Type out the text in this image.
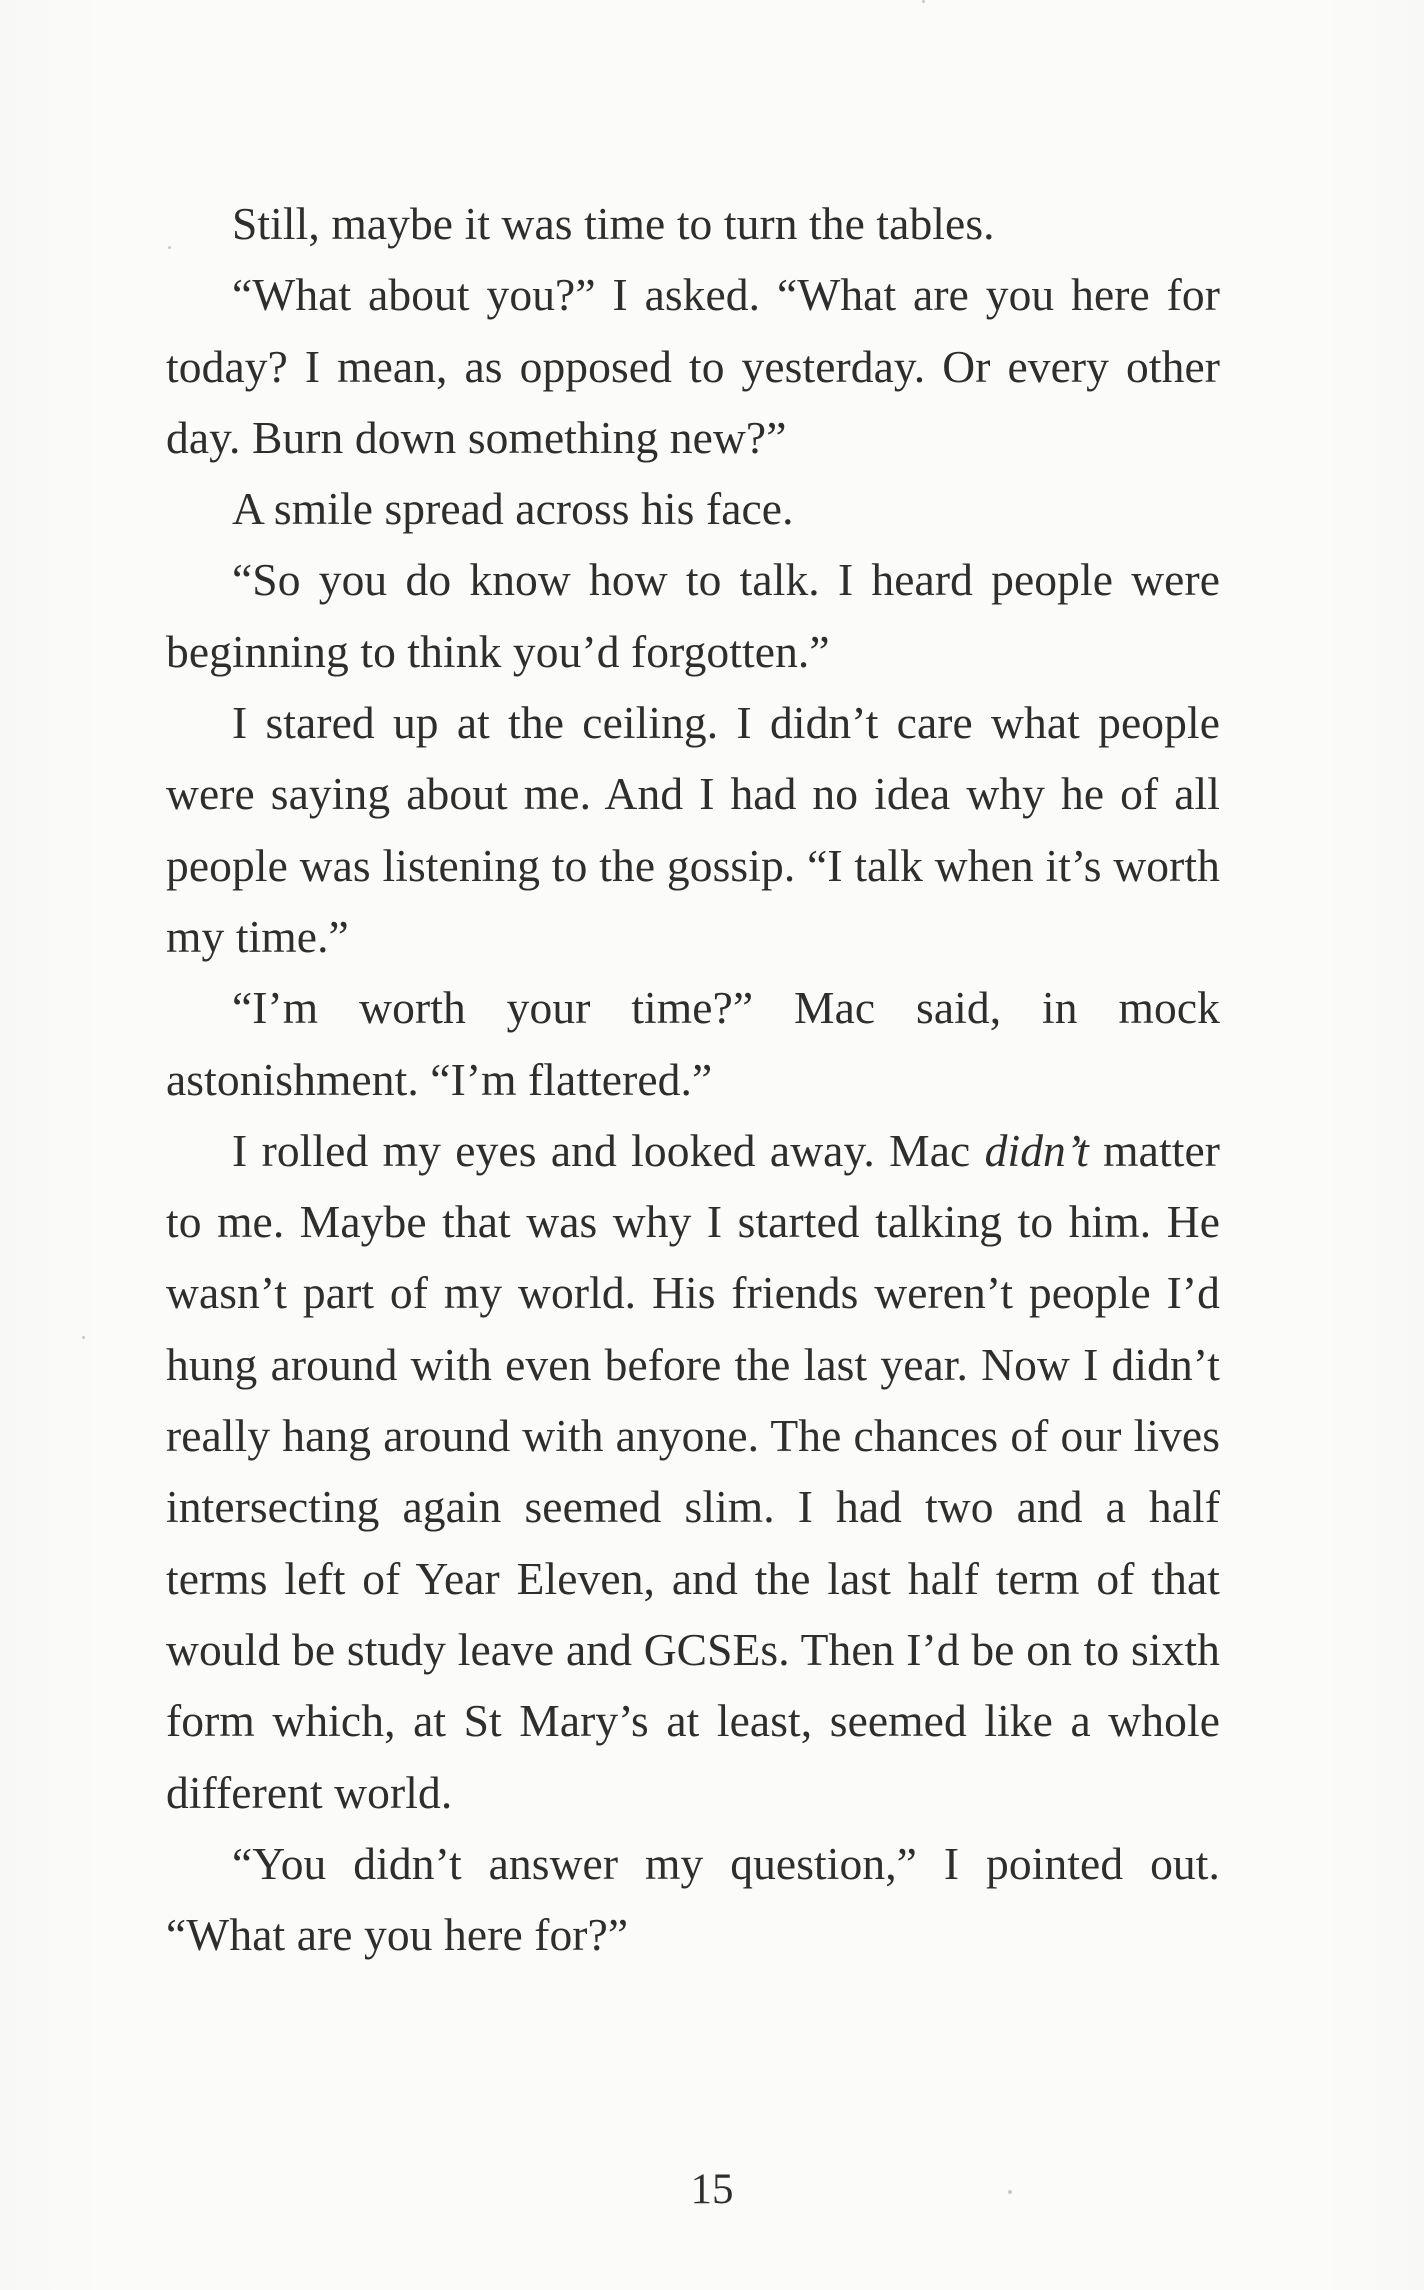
Still, maybe it was time to turn the tables.

“What about you?” I asked. “What are you here for today? I mean, as opposed to yesterday. Or every other day. Burn down something new?”

A smile spread across his face.

“So you do know how to talk. I heard people were beginning to think you’d forgotten.”

I stared up at the ceiling. I didn’t care what people were saying about me. And I had no idea why he of all people was listening to the gossip. “I talk when it’s worth my time.”

“I’m worth your time?” Mac said, in mock astonishment. “I’m flattered.”

I rolled my eyes and looked away. Mac didn’t matter to me. Maybe that was why I started talking to him. He wasn’t part of my world. His friends weren’t people I’d hung around with even before the last year. Now I didn’t really hang around with anyone. The chances of our lives intersecting again seemed slim. I had two and a half terms left of Year Eleven, and the last half term of that would be study leave and GCSEs. Then I’d be on to sixth form which, at St Mary’s at least, seemed like a whole different world.

“You didn’t answer my question,” I pointed out. “What are you here for?”

15
